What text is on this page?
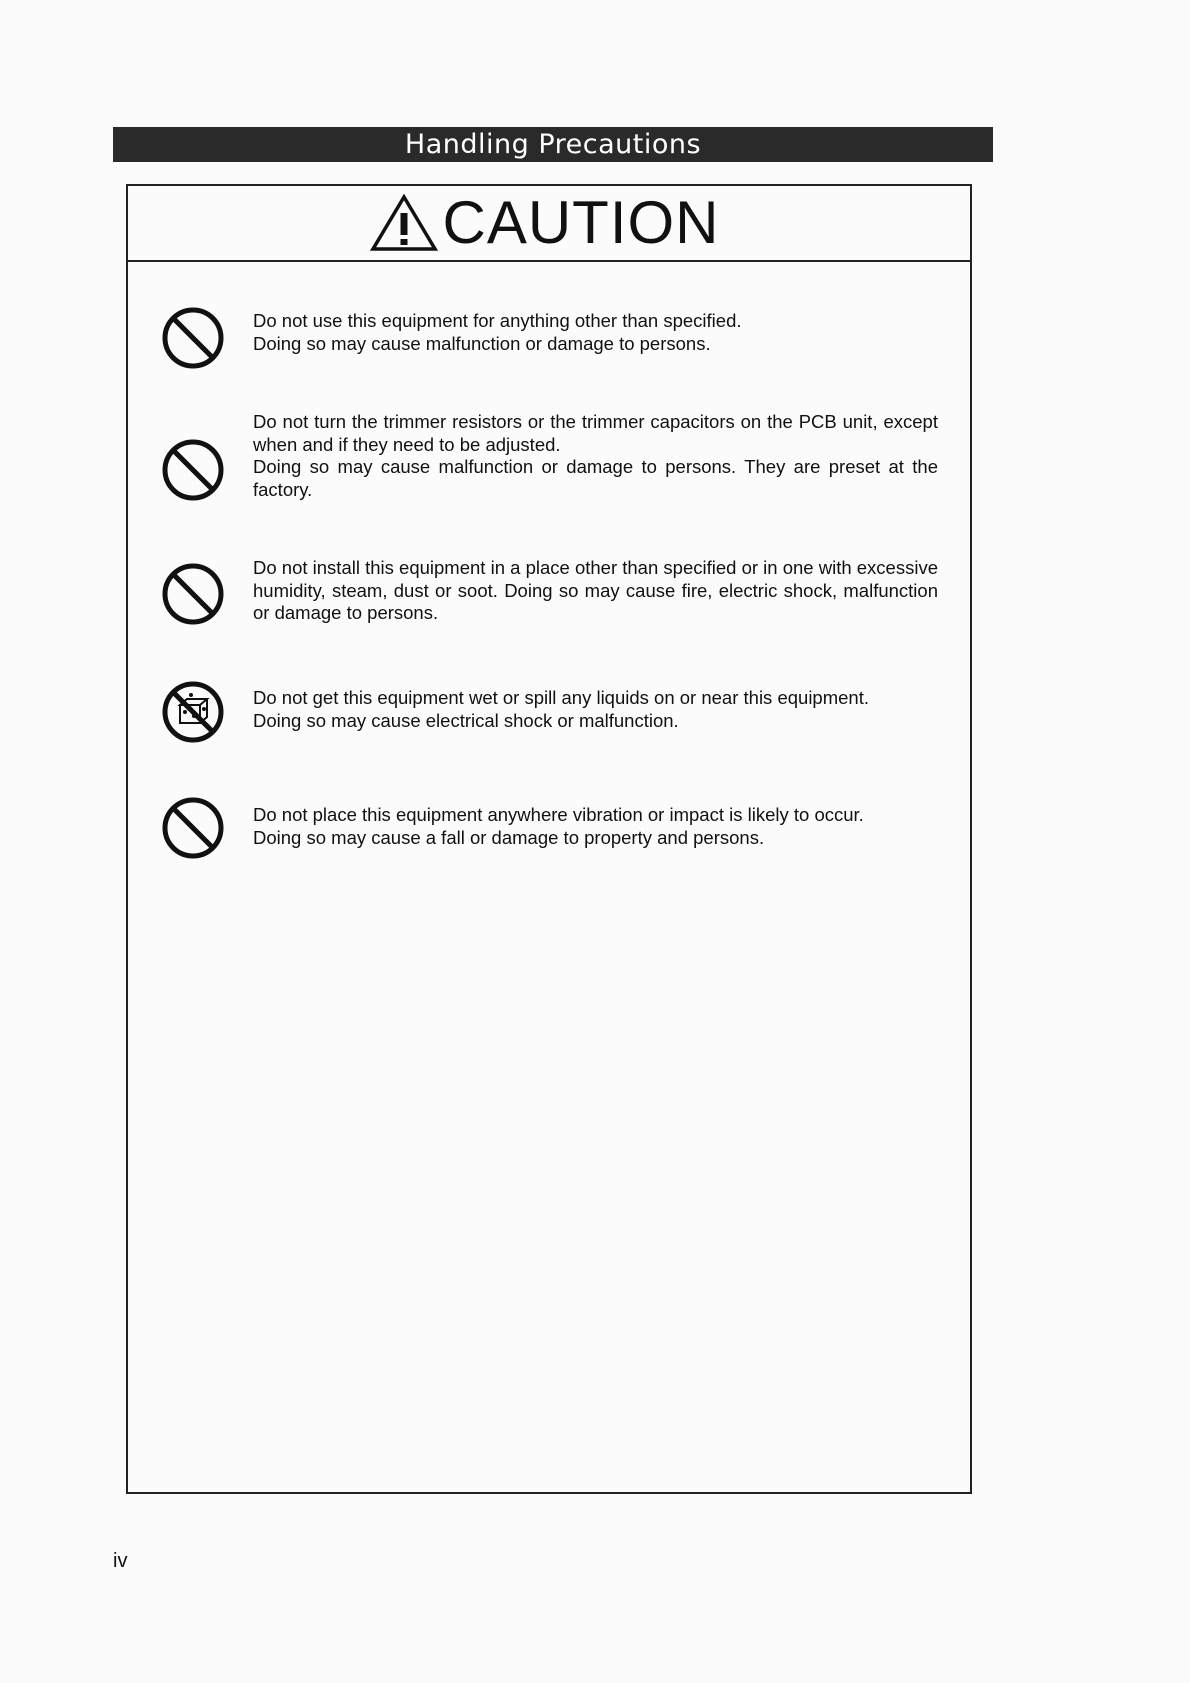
Handling Precautions
CAUTION

Do not use this equipment for anything other than specified.

Doing so may cause malfunction or damage to persons.

Do not turn the trimmer resistors or the trimmer capacitors on the PCB unit, except when and if they need to be adjusted.

Doing so may cause malfunction or damage to persons. They are preset at the factory.

Do not install this equipment in a place other than specified or in one with excessive humidity, steam, dust or soot. Doing so may cause fire, electric shock, malfunction or damage to persons.

Do not get this equipment wet or spill any liquids on or near this equipment.

Doing so may cause electrical shock or malfunction.

Do not place this equipment anywhere vibration or impact is likely to occur.

Doing so may cause a fall or damage to property and persons.

iv
